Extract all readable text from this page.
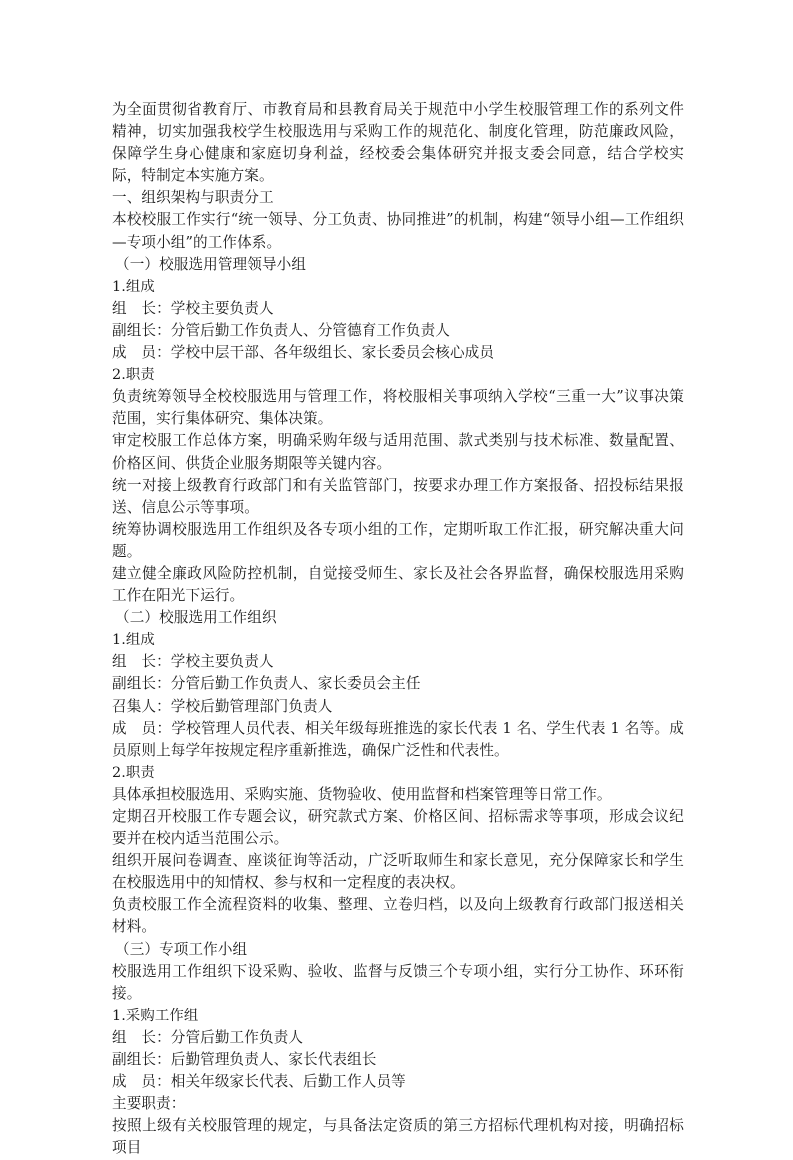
为全面贯彻省教育厅、市教育局和县教育局关于规范中小学生校服管理工作的系列文件精神，切实加强我校学生校服选用与采购工作的规范化、制度化管理，防范廉政风险，保障学生身心健康和家庭切身利益，经校委会集体研究并报支委会同意，结合学校实际，特制定本实施方案。

一、组织架构与职责分工

本校校服工作实行“统一领导、分工负责、协同推进”的机制，构建“领导小组—工作组织—专项小组”的工作体系。

（一）校服选用管理领导小组

1.组成

组　长：学校主要负责人

副组长：分管后勤工作负责人、分管德育工作负责人

成　员：学校中层干部、各年级组长、家长委员会核心成员

2.职责

负责统筹领导全校校服选用与管理工作，将校服相关事项纳入学校“三重一大”议事决策范围，实行集体研究、集体决策。

审定校服工作总体方案，明确采购年级与适用范围、款式类别与技术标准、数量配置、价格区间、供货企业服务期限等关键内容。

统一对接上级教育行政部门和有关监管部门，按要求办理工作方案报备、招投标结果报送、信息公示等事项。

统筹协调校服选用工作组织及各专项小组的工作，定期听取工作汇报，研究解决重大问题。

建立健全廉政风险防控机制，自觉接受师生、家长及社会各界监督，确保校服选用采购工作在阳光下运行。

（二）校服选用工作组织

1.组成

组　长：学校主要负责人

副组长：分管后勤工作负责人、家长委员会主任

召集人：学校后勤管理部门负责人

成　员：学校管理人员代表、相关年级每班推选的家长代表 1 名、学生代表 1 名等。成员原则上每学年按规定程序重新推选，确保广泛性和代表性。

2.职责

具体承担校服选用、采购实施、货物验收、使用监督和档案管理等日常工作。

定期召开校服工作专题会议，研究款式方案、价格区间、招标需求等事项，形成会议纪要并在校内适当范围公示。

组织开展问卷调查、座谈征询等活动，广泛听取师生和家长意见，充分保障家长和学生在校服选用中的知情权、参与权和一定程度的表决权。

负责校服工作全流程资料的收集、整理、立卷归档，以及向上级教育行政部门报送相关材料。

（三）专项工作小组

校服选用工作组织下设采购、验收、监督与反馈三个专项小组，实行分工协作、环环衔接。

1.采购工作组

组　长：分管后勤工作负责人

副组长：后勤管理负责人、家长代表组长

成　员：相关年级家长代表、后勤工作人员等

主要职责：

按照上级有关校服管理的规定，与具备法定资质的第三方招标代理机构对接，明确招标项目
